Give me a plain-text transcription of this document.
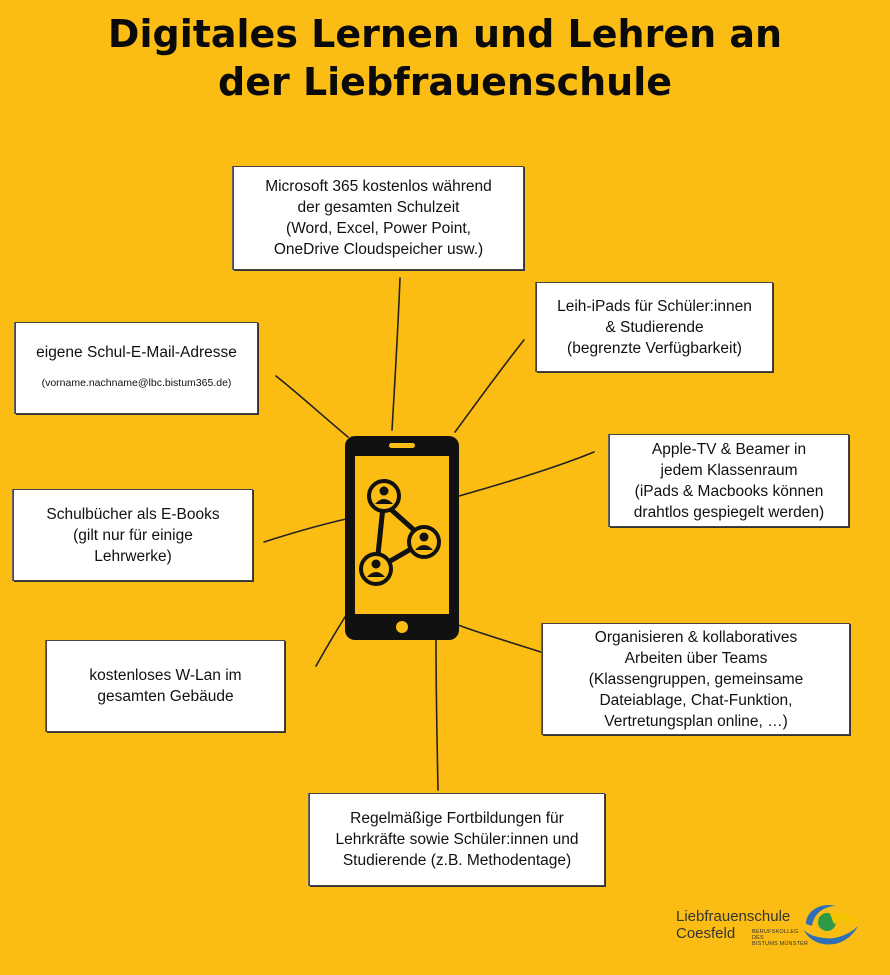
Digitales Lernen und Lehren an
der Liebfrauenschule
Microsoft 365 kostenlos während
der gesamten Schulzeit
(Word, Excel, Power Point,
OneDrive Cloudspeicher usw.)
Leih-iPads für Schüler:innen
& Studierende
(begrenzte Verfügbarkeit)
eigene Schul-E-Mail-Adresse
(vorname.nachname@lbc.bistum365.de)
Apple-TV & Beamer in
jedem Klassenraum
(iPads & Macbooks können
drahtlos gespiegelt werden)
Schulbücher als E-Books
(gilt nur für einige
Lehrwerke)
kostenloses W-Lan im
gesamten Gebäude
Organisieren & kollaboratives
Arbeiten über Teams
(Klassengruppen, gemeinsame
Dateiablage, Chat-Funktion,
Vertretungsplan online, …)
Regelmäßige Fortbildungen für
Lehrkräfte sowie Schüler:innen und
Studierende (z.B. Methodentage)
Liebfrauenschule
Coesfeld	BERUFSKOLLEG
DES
BISTUMS MÜNSTER
